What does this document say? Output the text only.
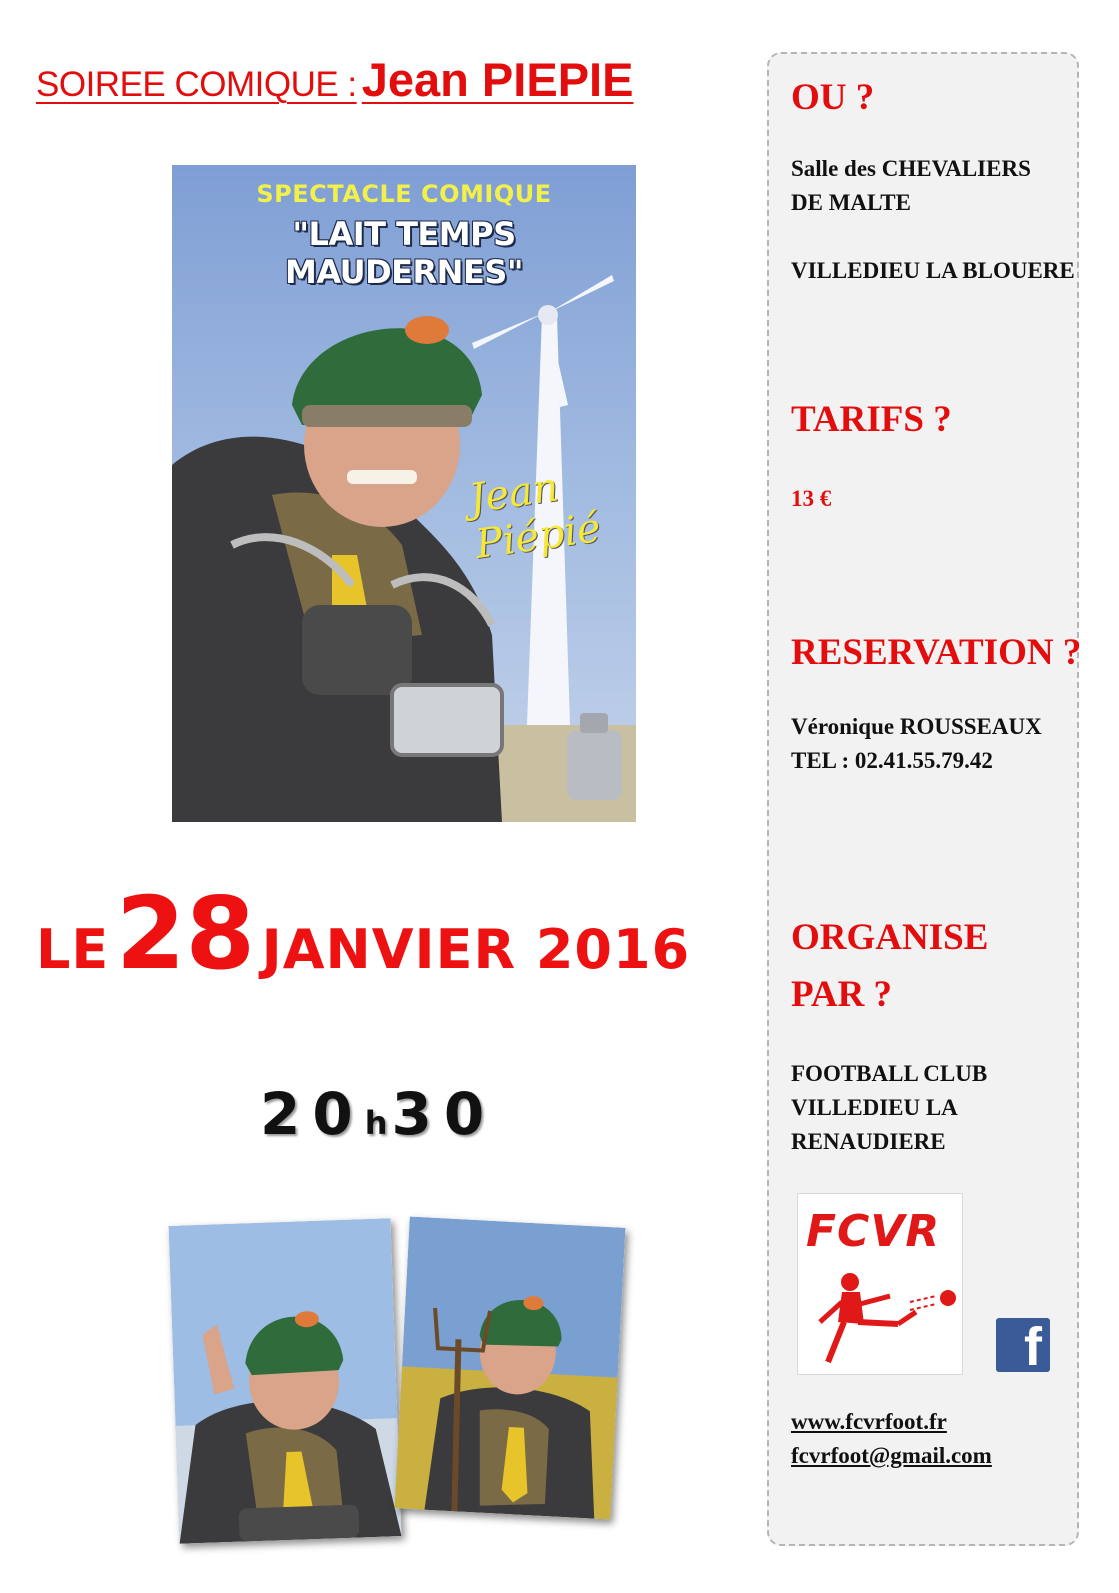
SOIREE COMIQUE : Jean PIEPIE
SPECTACLE COMIQUE
"LAIT TEMPS MAUDERNES"
Jean Piépié
LE 28 JANVIER 2016
20h30
OU ?
Salle des CHEVALIERS
DE MALTE
VILLEDIEU LA BLOUERE
TARIFS ?
13 €
RESERVATION ?
Véronique ROUSSEAUX
TEL : 02.41.55.79.42
ORGANISE
PAR ?
FOOTBALL CLUB
VILLEDIEU LA
RENAUDIERE
www.fcvrfoot.fr
fcvrfoot@gmail.com
FCVR
f
